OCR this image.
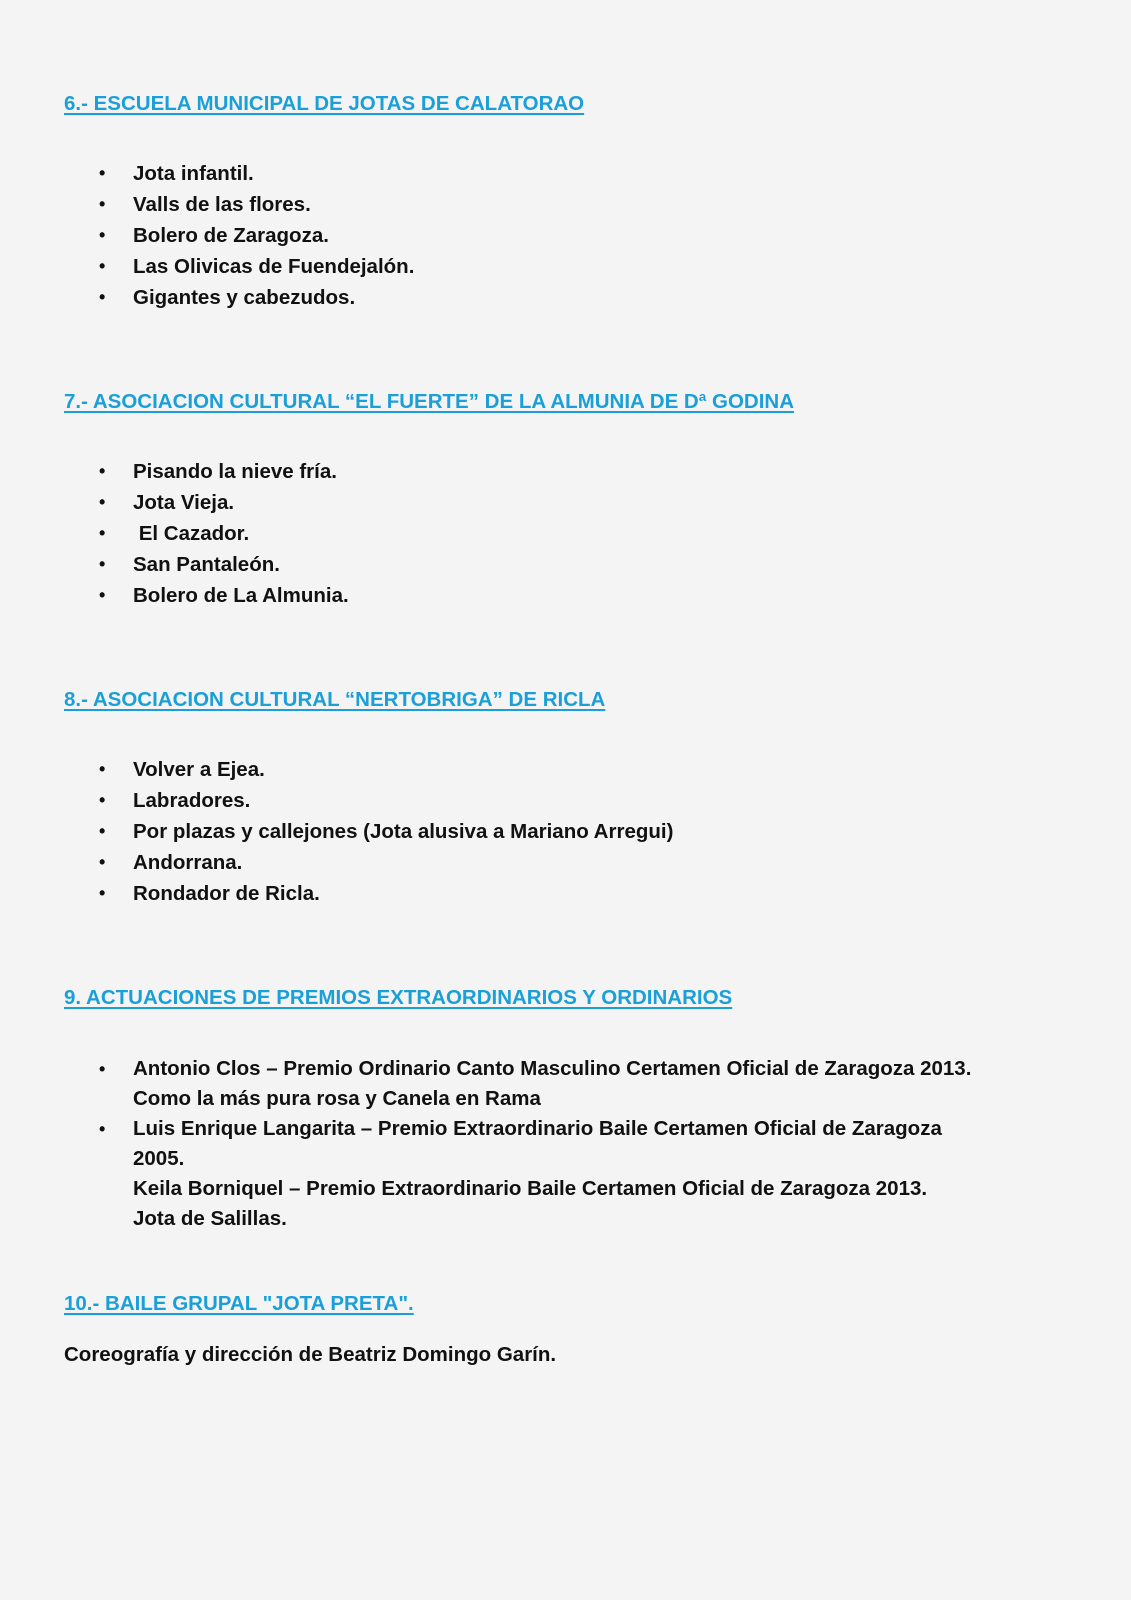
6.- ESCUELA MUNICIPAL DE JOTAS DE CALATORAO
• Jota infantil.
• Valls de las flores.
• Bolero de Zaragoza.
• Las Olivicas de Fuendejalón.
• Gigantes y cabezudos.
7.- ASOCIACION CULTURAL “EL FUERTE” DE LA ALMUNIA DE Dª GODINA
• Pisando la nieve fría.
• Jota Vieja.
• El Cazador.
• San Pantaleón.
• Bolero de La Almunia.
8.- ASOCIACION CULTURAL “NERTOBRIGA” DE RICLA
• Volver a Ejea.
• Labradores.
• Por plazas y callejones (Jota alusiva a Mariano Arregui)
• Andorrana.
• Rondador de Ricla.
9. ACTUACIONES DE PREMIOS EXTRAORDINARIOS Y ORDINARIOS
• Antonio Clos – Premio Ordinario Canto Masculino Certamen Oficial de Zaragoza 2013.
Como la más pura rosa y Canela en Rama
• Luis Enrique Langarita – Premio Extraordinario Baile Certamen Oficial de Zaragoza
2005.
Keila Borniquel – Premio Extraordinario Baile Certamen Oficial de Zaragoza 2013.
Jota de Salillas.
10.- BAILE GRUPAL "JOTA PRETA".

Coreografía y dirección de Beatriz Domingo Garín.
